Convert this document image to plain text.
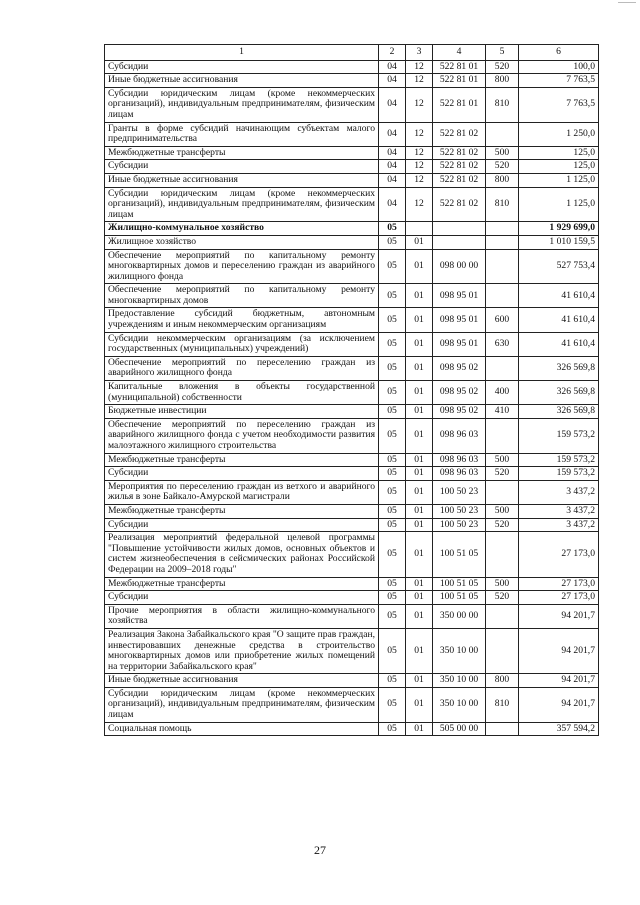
1	2	3	4	5	6
Субсидии	04	12	522 81 01	520	100,0
Иные бюджетные ассигнования	04	12	522 81 01	800	7 763,5
Субсидии юридическим лицам (кроме некоммерческих организаций), индивидуальным предпринимателям, физическим лицам	04	12	522 81 01	810	7 763,5
Гранты в форме субсидий начинающим субъектам малого предпринимательства	04	12	522 81 02		1 250,0
Межбюджетные трансферты	04	12	522 81 02	500	125,0
Субсидии	04	12	522 81 02	520	125,0
Иные бюджетные ассигнования	04	12	522 81 02	800	1 125,0
Субсидии юридическим лицам (кроме некоммерческих организаций), индивидуальным предпринимателям, физическим лицам	04	12	522 81 02	810	1 125,0
Жилищно-коммунальное хозяйство	05				1 929 699,0
Жилищное хозяйство	05	01			1 010 159,5
Обеспечение мероприятий по капитальному ремонту многоквартирных домов и переселению граждан из аварийного жилищного фонда	05	01	098 00 00		527 753,4
Обеспечение мероприятий по капитальному ремонту многоквартирных домов	05	01	098 95 01		41 610,4
Предоставление субсидий бюджетным, автономным учреждениям и иным некоммерческим организациям	05	01	098 95 01	600	41 610,4
Субсидии некоммерческим организациям (за исключением государственных (муниципальных) учреждений)	05	01	098 95 01	630	41 610,4
Обеспечение мероприятий по переселению граждан из аварийного жилищного фонда	05	01	098 95 02		326 569,8
Капитальные вложения в объекты государственной (муниципальной) собственности	05	01	098 95 02	400	326 569,8
Бюджетные инвестиции	05	01	098 95 02	410	326 569,8
Обеспечение мероприятий по переселению граждан из аварийного жилищного фонда с учетом необходимости развития малоэтажного жилищного строительства	05	01	098 96 03		159 573,2
Межбюджетные трансферты	05	01	098 96 03	500	159 573,2
Субсидии	05	01	098 96 03	520	159 573,2
Мероприятия по переселению граждан из ветхого и аварийного жилья в зоне Байкало-Амурской магистрали	05	01	100 50 23		3 437,2
Межбюджетные трансферты	05	01	100 50 23	500	3 437,2
Субсидии	05	01	100 50 23	520	3 437,2
Реализация мероприятий федеральной целевой программы "Повышение устойчивости жилых домов, основных объектов и систем жизнеобеспечения в сейсмических районах Российской Федерации на 2009–2018 годы"	05	01	100 51 05		27 173,0
Межбюджетные трансферты	05	01	100 51 05	500	27 173,0
Субсидии	05	01	100 51 05	520	27 173,0
Прочие мероприятия в области жилищно-коммунального хозяйства	05	01	350 00 00		94 201,7
Реализация Закона Забайкальского края "О защите прав граждан, инвестировавших денежные средства в строительство многоквартирных домов или приобретение жилых помещений на территории Забайкальского края"	05	01	350 10 00		94 201,7
Иные бюджетные ассигнования	05	01	350 10 00	800	94 201,7
Субсидии юридическим лицам (кроме некоммерческих организаций), индивидуальным предпринимателям, физическим лицам	05	01	350 10 00	810	94 201,7
Социальная помощь	05	01	505 00 00		357 594,2
27
